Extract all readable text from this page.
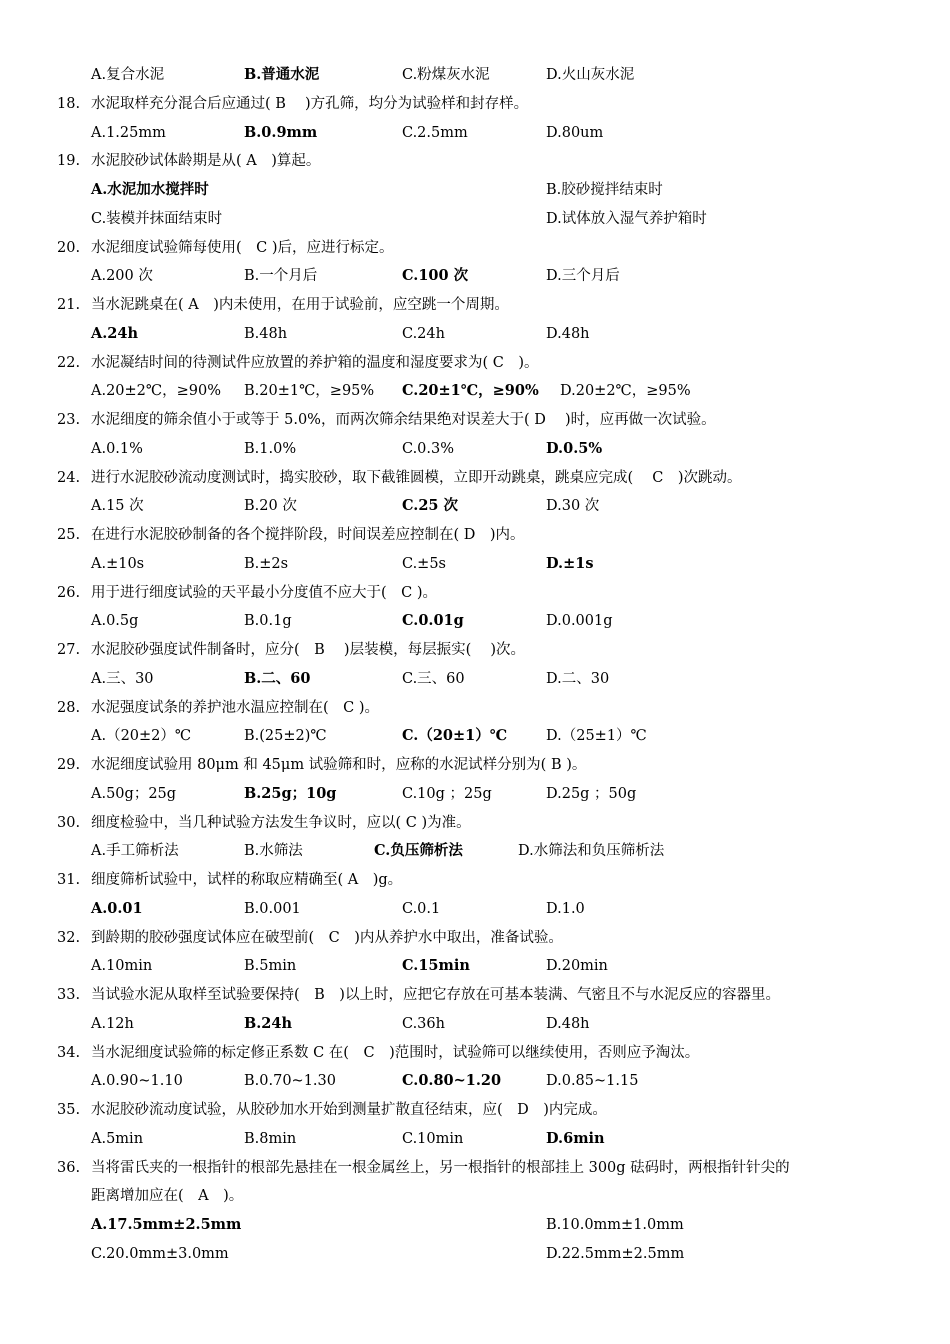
A.复合水泥	B.普通水泥	C.粉煤灰水泥	D.火山灰水泥
18. 水泥取样充分混合后应通过( B　 )方孔筛，均分为试验样和封存样。
A.1.25mm	B.0.9mm	C.2.5mm	D.80um
19. 水泥胶砂试体龄期是从( A　)算起。
A.水泥加水搅拌时	B.胶砂搅拌结束时
C.装模并抹面结束时	D.试体放入湿气养护箱时
20. 水泥细度试验筛每使用(　C )后，应进行标定。
A.200 次	B.一个月后	C.100 次	D.三个月后
21. 当水泥跳桌在( A　)内未使用，在用于试验前，应空跳一个周期。
A.24h	B.48h	C.24h	D.48h
22. 水泥凝结时间的待测试件应放置的养护箱的温度和湿度要求为( C　)。
A.20±2℃，≥90% B.20±1℃，≥95% C.20±1℃，≥90% D.20±2℃，≥95%
23. 水泥细度的筛余值小于或等于 5.0%，而两次筛余结果绝对误差大于( D　 )时，应再做一次试验。
A.0.1%	B.1.0%	C.0.3%	D.0.5%
24. 进行水泥胶砂流动度测试时，捣实胶砂，取下截锥圆模，立即开动跳桌，跳桌应完成(　 C　)次跳动。
A.15 次	B.20 次	C.25 次	D.30 次
25. 在进行水泥胶砂制备的各个搅拌阶段，时间误差应控制在( D　)内。
A.±10s	B.±2s	C.±5s	D.±1s
26. 用于进行细度试验的天平最小分度值不应大于(　C )。
A.0.5g	B.0.1g	C.0.01g	D.0.001g
27. 水泥胶砂强度试件制备时，应分(　B　 )层装模，每层振实(　 )次。
A.三、30	B.二、60	C.三、60	D.二、30
28. 水泥强度试条的养护池水温应控制在(　C )。
A.（20±2）℃	B.(25±2)℃	C.（20±1）℃	D.（25±1）℃
29. 水泥细度试验用 80μm 和 45μm 试验筛和时，应称的水泥试样分别为( B )。
A.50g；25g	B.25g；10g	C.10g ；25g	D.25g ；50g
30. 细度检验中，当几种试验方法发生争议时，应以( C )为准。
A.手工筛析法	B.水筛法	C.负压筛析法	D.水筛法和负压筛析法
31. 细度筛析试验中，试样的称取应精确至( A　)g。
A.0.01	B.0.001	C.0.1	D.1.0
32. 到龄期的胶砂强度试体应在破型前(　C　)内从养护水中取出，准备试验。
A.10min	B.5min	C.15min	D.20min
33. 当试验水泥从取样至试验要保持(　B　)以上时，应把它存放在可基本装满、气密且不与水泥反应的容器里。
A.12h	B.24h	C.36h	D.48h
34. 当水泥细度试验筛的标定修正系数 C 在(　C　)范围时，试验筛可以继续使用，否则应予淘汰。
A.0.90~1.10	B.0.70~1.30	C.0.80~1.20	D.0.85~1.15
35. 水泥胶砂流动度试验，从胶砂加水开始到测量扩散直径结束，应(　D　)内完成。
A.5min	B.8min	C.10min	D.6min
36. 当将雷氏夹的一根指针的根部先悬挂在一根金属丝上，另一根指针的根部挂上 300g 砝码时，两根指针针尖的
距离增加应在(　A　)。
A.17.5mm±2.5mm	B.10.0mm±1.0mm
C.20.0mm±3.0mm	D.22.5mm±2.5mm
